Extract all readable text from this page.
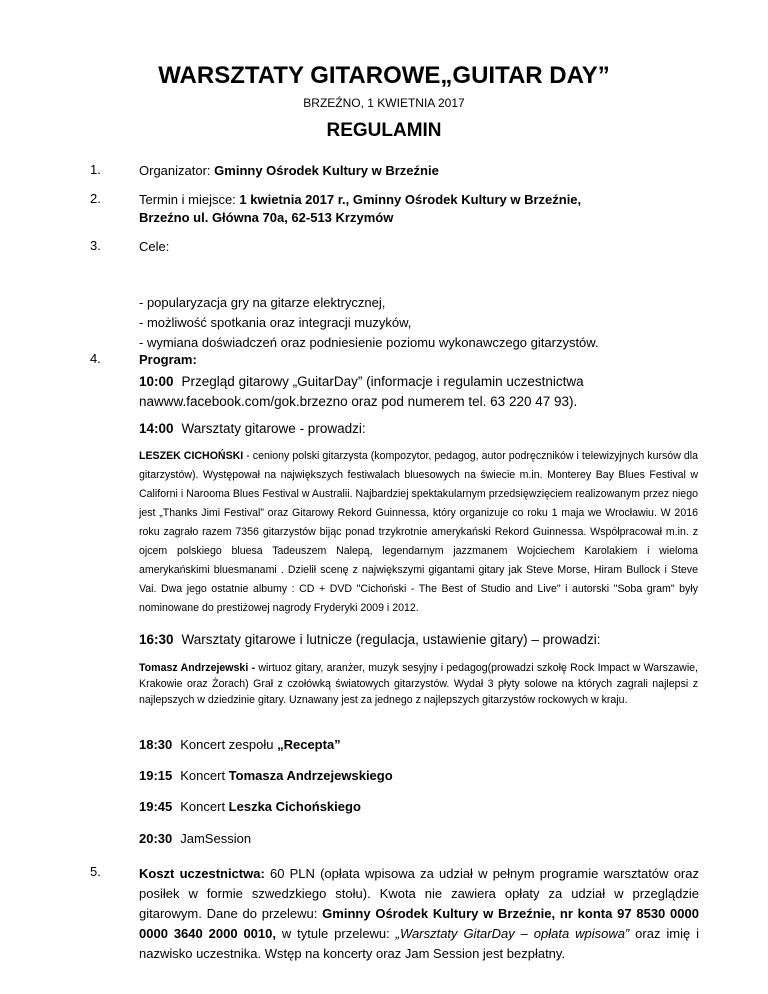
WARSZTATY GITAROWE„GUITAR DAY”
BRZEŹNO, 1 KWIETNIA 2017
REGULAMIN
1.	Organizator: Gminny Ośrodek Kultury w Brzeźnie
2.	Termin i miejsce: 1 kwietnia 2017 r., Gminny Ośrodek Kultury w Brzeźnie,
Brzeźno ul. Główna 70a, 62-513 Krzymów
3.	Cele:
- popularyzacja gry na gitarze elektrycznej,
- możliwość spotkania oraz integracji muzyków,
- wymiana doświadczeń oraz podniesienie poziomu wykonawczego gitarzystów.
4.	Program:
10:00 Przegląd gitarowy „GuitarDay” (informacje i regulamin uczestnictwa nawww.facebook.com/gok.brzezno oraz pod numerem tel. 63 220 47 93).
14:00 Warsztaty gitarowe - prowadzi:
LESZEK CICHOŃSKI - ceniony polski gitarzysta (kompozytor, pedagog, autor podręczników i telewizyjnych kursów dla gitarzystów). Występował na największych festiwalach bluesowych na świecie m.in. Monterey Bay Blues Festival w Californi i Narooma Blues Festival w Australii. Najbardziej spektakularnym przedsięwzięciem realizowanym przez niego jest „Thanks Jimi Festival” oraz Gitarowy Rekord Guinnessa, który organizuje co roku 1 maja we Wrocławiu. W 2016 roku zagrało razem 7356 gitarzystów bijąc ponad trzykrotnie amerykański Rekord Guinnessa. Współpracował m.in. z ojcem polskiego bluesa Tadeuszem Nalepą, legendarnym jazzmanem Wojciechem Karolakiem i wieloma amerykańskimi bluesmanami . Dzielił scenę z największymi gigantami gitary jak Steve Morse, Hiram Bullock i Steve Vai. Dwa jego ostatnie albumy : CD + DVD "Cichoński - The Best of Studio and Live" i autorski "Soba gram" były nominowane do prestiżowej nagrody Fryderyki 2009 i 2012.
16:30 Warsztaty gitarowe i lutnicze (regulacja, ustawienie gitary) – prowadzi:
Tomasz Andrzejewski - wirtuoz gitary, aranżer, muzyk sesyjny i pedagog(prowadzi szkołę Rock Impact w Warszawie, Krakowie oraz Żorach) Grał z czołówką światowych gitarzystów. Wydał 3 płyty solowe na których zagrali najlepsi z najlepszych w dziedzinie gitary. Uznawany jest za jednego z najlepszych gitarzystów rockowych w kraju.
18:30 Koncert zespołu „Recepta”
19:15 Koncert Tomasza Andrzejewskiego
19:45 Koncert Leszka Cichońskiego
20:30 JamSession
5.	Koszt uczestnictwa: 60 PLN (opłata wpisowa za udział w pełnym programie warsztatów oraz posiłek w formie szwedzkiego stołu). Kwota nie zawiera opłaty za udział w przeglądzie gitarowym. Dane do przelewu: Gminny Ośrodek Kultury w Brzeźnie, nr konta 97 8530 0000 0000 3640 2000 0010, w tytule przelewu: „Warsztaty GitarDay – opłata wpisowa” oraz imię i nazwisko uczestnika. Wstęp na koncerty oraz Jam Session jest bezpłatny.
